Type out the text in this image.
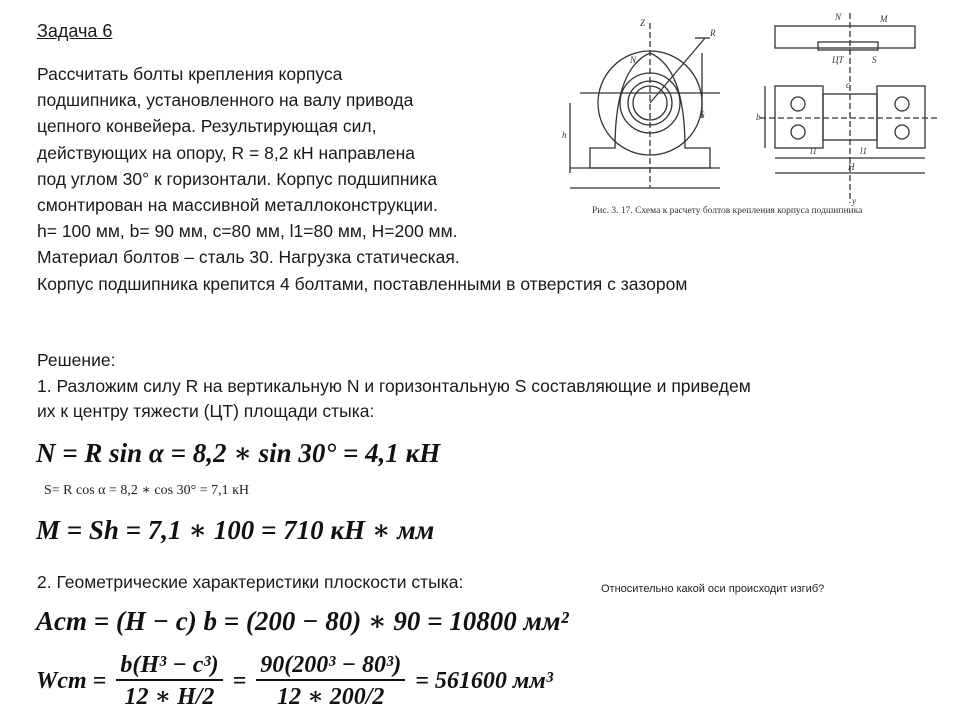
Задача 6
Рассчитать болты крепления корпуса
подшипника, установленного на валу привода
цепного конвейера. Результирующая сил,
действующих на опору, R = 8,2 кН направлена
под углом 30° к горизонтали. Корпус подшипника
смонтирован на массивной металлоконструкции.
h= 100 мм, b= 90 мм, c=80 мм, l1=80 мм, H=200 мм.
Материал болтов – сталь 30. Нагрузка статическая.
Корпус подшипника крепится 4 болтами, поставленными в отверстия с зазором
Z
R
N
S
h
N	M
S
b
c
l1	l1
H
y
ЦТ
Рис. 3. 17. Схема к расчету болтов крепления корпуса подшипника
Решение:
1. Разложим силу R на вертикальную N и горизонтальную S составляющие и приведем
их к центру тяжести (ЦТ) площади стыка:
N = R sin α = 8,2 ∗ sin 30° = 4,1 кН
S= R cos α = 8,2 ∗ cos 30° = 7,1 кН
M = Sh = 7,1 ∗ 100 = 710 кН ∗ мм
2. Геометрические характеристики плоскости стыка:	Относительно какой оси происходит изгиб?
Aст = (H − c) b = (200 − 80) ∗ 90 = 10800 мм²
Wст = $\frac{\text{b(H³ − c³)}}{12 ∗ H/2} = \frac{\text{90(200³ − 80³)}}{12 ∗ 200/2} = 561600$ мм³
